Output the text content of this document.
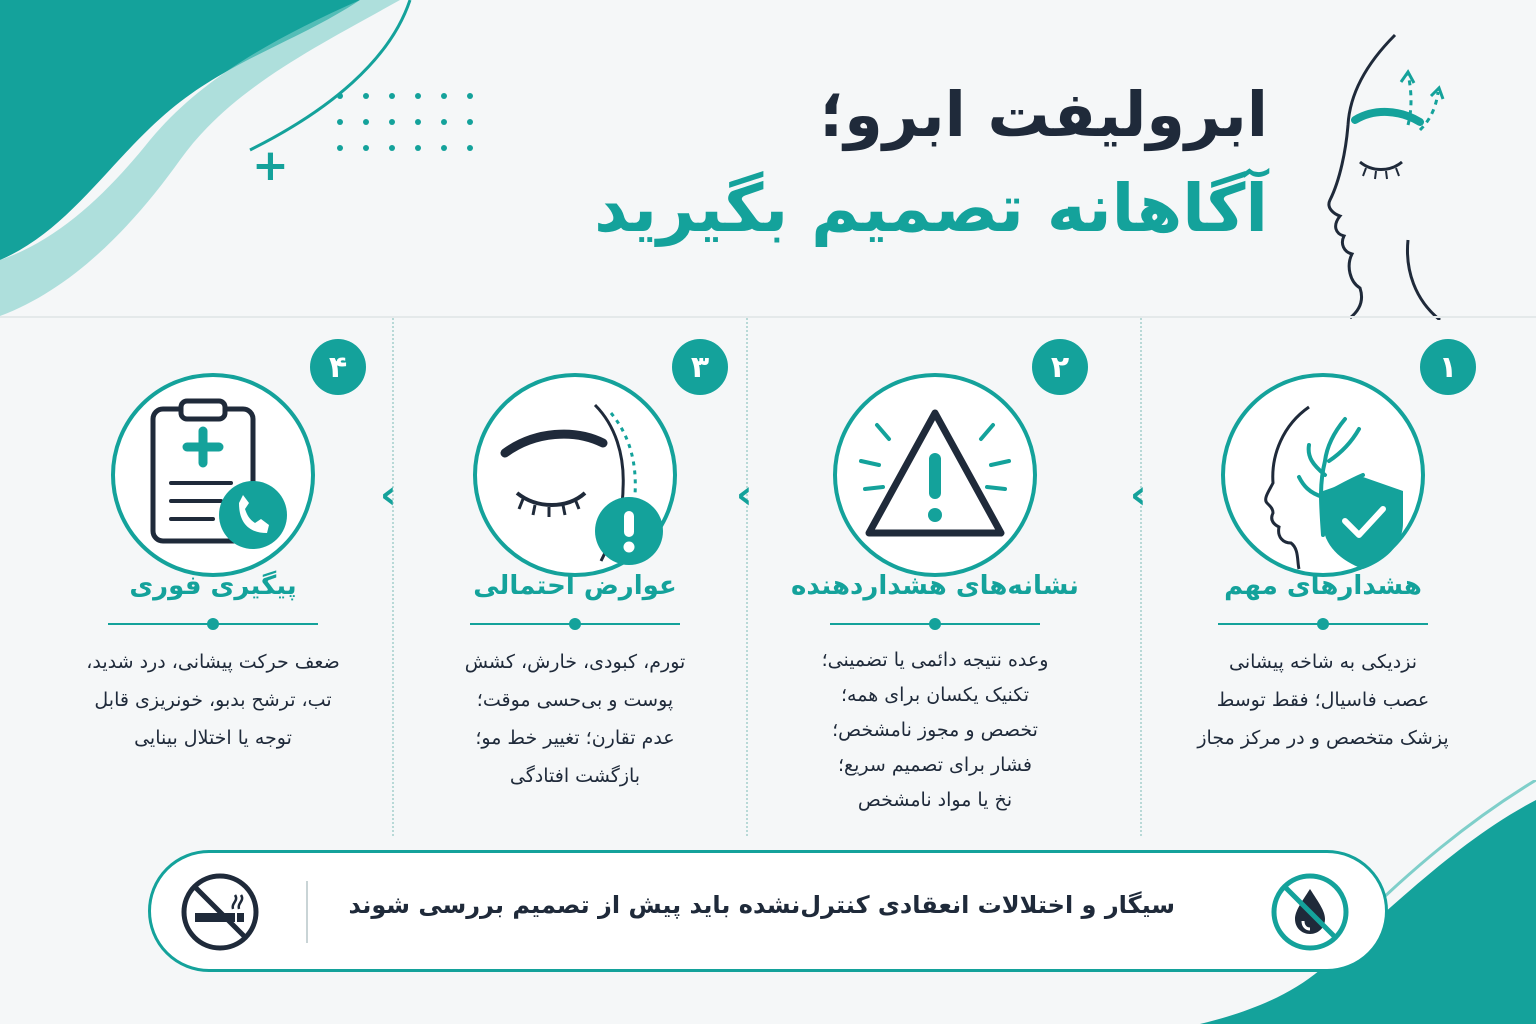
+
ابرولیفت ابرو؛
آگاهانه تصمیم بگیرید
۱
هشدارهای مهم
نزدیکی به شاخه پیشانی
عصب فاسیال؛ فقط توسط
پزشک متخصص و در مرکز مجاز
۲
نشانه‌های هشداردهنده
وعده نتیجه دائمی یا تضمینی؛
تکنیک یکسان برای همه؛
تخصص و مجوز نامشخص؛
فشار برای تصمیم سریع؛
نخ یا مواد نامشخص
۳
عوارض احتمالی
تورم، کبودی، خارش، کشش
پوست و بی‌حسی موقت؛
عدم تقارن؛ تغییر خط مو؛
بازگشت افتادگی
۴
پیگیری فوری
ضعف حرکت پیشانی، درد شدید،
تب، ترشح بدبو، خونریزی قابل
توجه یا اختلال بینایی
‹
‹
‹
سیگار و اختلالات انعقادی کنترل‌نشده باید پیش از تصمیم بررسی شوند
